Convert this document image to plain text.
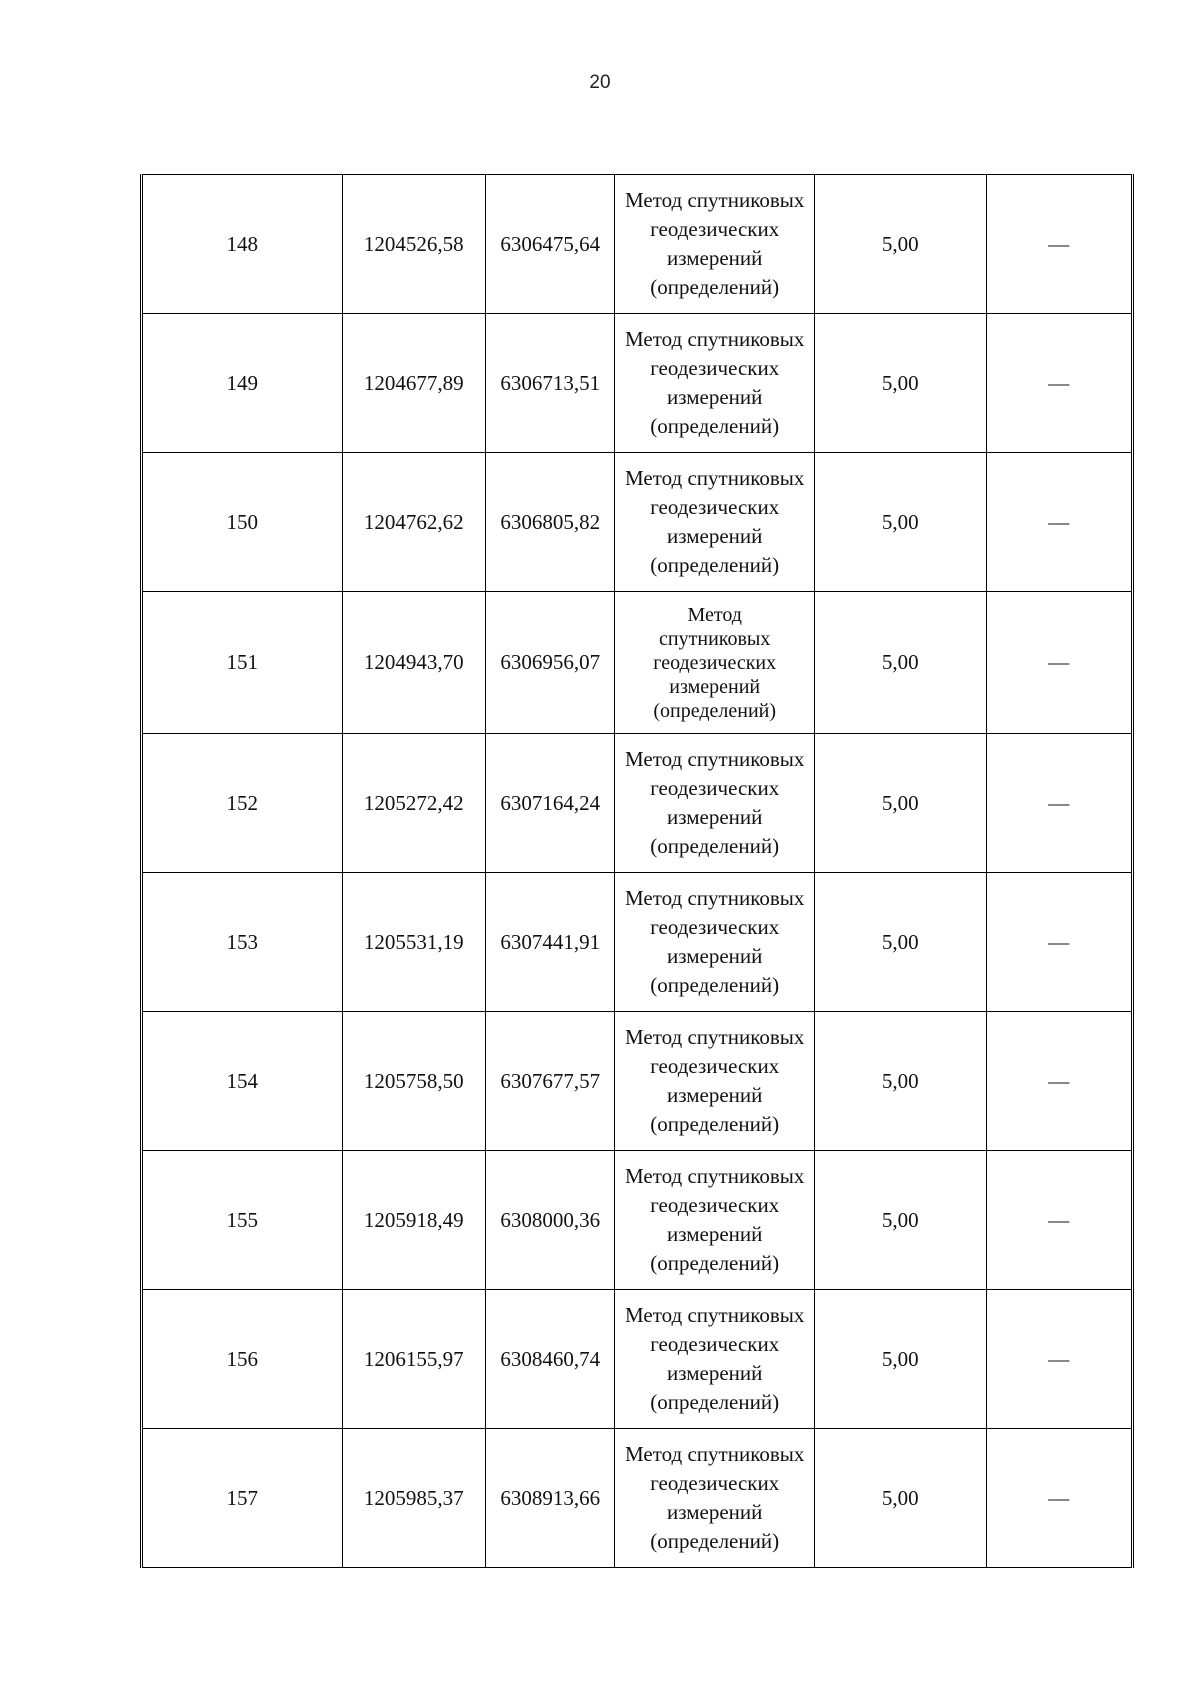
20
148	1204526,58	6306475,64	Метод спутниковых геодезических измерений (определений)	5,00	—
149	1204677,89	6306713,51	Метод спутниковых геодезических измерений (определений)	5,00	—
150	1204762,62	6306805,82	Метод спутниковых геодезических измерений (определений)	5,00	—
151	1204943,70	6306956,07	Метод спутниковых геодезических измерений (определений)	5,00	—
152	1205272,42	6307164,24	Метод спутниковых геодезических измерений (определений)	5,00	—
153	1205531,19	6307441,91	Метод спутниковых геодезических измерений (определений)	5,00	—
154	1205758,50	6307677,57	Метод спутниковых геодезических измерений (определений)	5,00	—
155	1205918,49	6308000,36	Метод спутниковых геодезических измерений (определений)	5,00	—
156	1206155,97	6308460,74	Метод спутниковых геодезических измерений (определений)	5,00	—
157	1205985,37	6308913,66	Метод спутниковых геодезических измерений (определений)	5,00	—
